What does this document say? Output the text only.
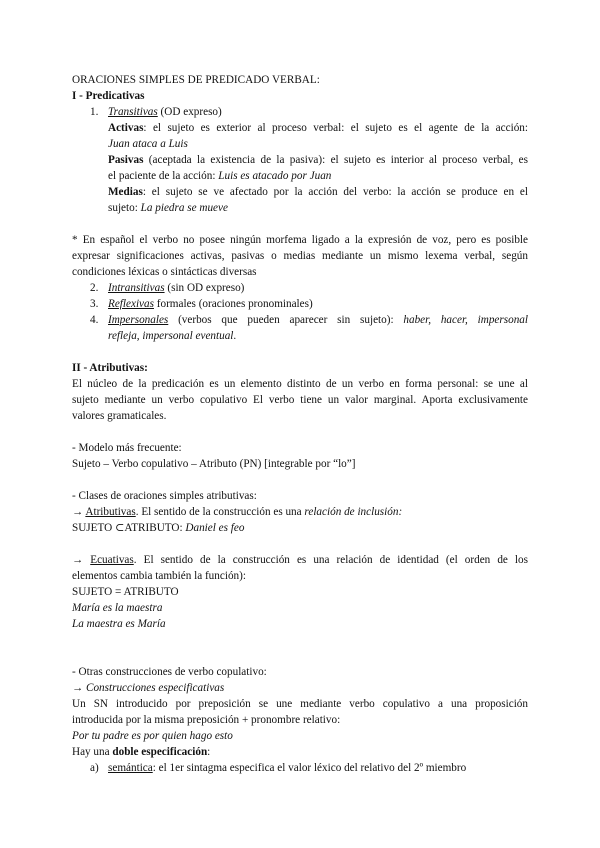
ORACIONES SIMPLES DE PREDICADO VERBAL:
I - Predicativas
1. Transitivas (OD expreso)
Activas: el sujeto es exterior al proceso verbal: el sujeto es el agente de la acción:
Juan ataca a Luis
Pasivas (aceptada la existencia de la pasiva): el sujeto es interior al proceso verbal, es
el paciente de la acción: Luis es atacado por Juan
Medias: el sujeto se ve afectado por la acción del verbo: la acción se produce en el
sujeto: La piedra se mueve
* En español el verbo no posee ningún morfema ligado a la expresión de voz, pero es posible
expresar significaciones activas, pasivas o medias mediante un mismo lexema verbal, según
condiciones léxicas o sintácticas diversas
2. Intransitivas (sin OD expreso)
3. Reflexivas formales (oraciones pronominales)
4. Impersonales (verbos que pueden aparecer sin sujeto): haber, hacer, impersonal
refleja, impersonal eventual.
II - Atributivas:
El núcleo de la predicación es un elemento distinto de un verbo en forma personal: se une al
sujeto mediante un verbo copulativo El verbo tiene un valor marginal. Aporta exclusivamente
valores gramaticales.
- Modelo más frecuente:
Sujeto – Verbo copulativo – Atributo (PN) [integrable por “lo”]
- Clases de oraciones simples atributivas:
→ Atributivas. El sentido de la construcción es una relación de inclusión:
SUJETO ⊂ATRIBUTO: Daniel es feo
→ Ecuativas. El sentido de la construcción es una relación de identidad (el orden de los
elementos cambia también la función):
SUJETO = ATRIBUTO
María es la maestra
La maestra es María
- Otras construcciones de verbo copulativo:
→ Construcciones especificativas
Un SN introducido por preposición se une mediante verbo copulativo a una proposición
introducida por la misma preposición + pronombre relativo:
Por tu padre es por quien hago esto
Hay una doble especificación:
a) semántica: el 1er sintagma especifica el valor léxico del relativo del 2º miembro
